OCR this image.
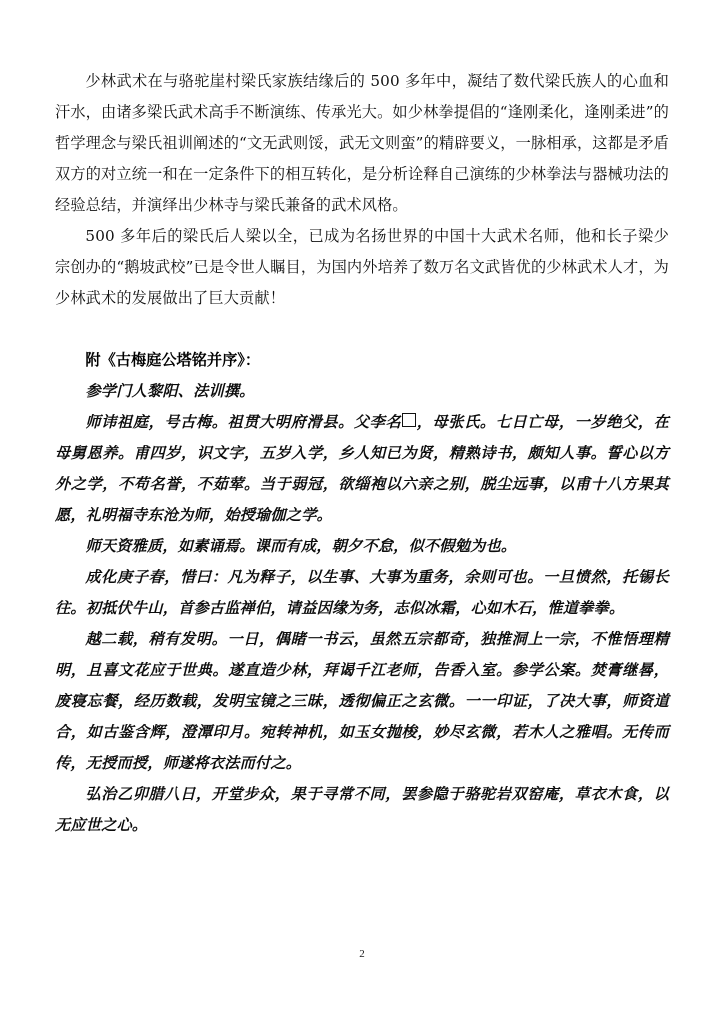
少林武术在与骆驼崖村梁氏家族结缘后的 500 多年中，凝结了数代梁氏族人的心血和汗水，由诸多梁氏武术高手不断演练、传承光大。如少林拳提倡的“逢刚柔化，逢刚柔进”的哲学理念与梁氏祖训阐述的“文无武则馁，武无文则蛮”的精辟要义，一脉相承，这都是矛盾双方的对立统一和在一定条件下的相互转化，是分析诠释自己演练的少林拳法与器械功法的经验总结，并演绎出少林寺与梁氏兼备的武术风格。

500 多年后的梁氏后人梁以全，已成为名扬世界的中国十大武术名师，他和长子梁少宗创办的“鹅坡武校”已是令世人瞩目，为国内外培养了数万名文武皆优的少林武术人才，为少林武术的发展做出了巨大贡献！

附《古梅庭公塔铭并序》：

参学门人黎阳、法训撰。

师讳祖庭，号古梅。祖贯大明府滑县。父李名 ，母张氏。七日亡母，一岁绝父，在母舅恩养。甫四岁，识文字，五岁入学，乡人知已为贤，精熟诗书，颇知人事。誓心以方外之学，不苟名誉，不茹荤。当于弱冠，欲缁袍以六亲之别，脱尘远事，以甫十八方果其愿，礼明福寺东沧为师，始授瑜伽之学。

师天资雅质，如素诵焉。课而有成，朝夕不怠，似不假勉为也。

成化庚子春，惜曰：凡为释子，以生事、大事为重务，余则可也。一旦愤然，托锡长往。初抵伏牛山，首参古监禅伯，请益因缘为务，志似冰霜，心如木石，惟道拳拳。

越二载，稍有发明。一日，偶睹一书云，虽然五宗都奇，独推洞上一宗，不惟悟理精明，且喜文花应于世典。遂直造少林，拜谒千江老师，告香入室。参学公案。焚膏继晷，废寝忘餐，经历数载，发明宝镜之三昧，透彻偏正之玄微。一一印证，了决大事，师资道合，如古鉴含辉，澄潭印月。宛转神机，如玉女抛梭，妙尽玄微，若木人之雅唱。无传而传，无授而授，师遂将衣法而付之。

弘治乙卯腊八日，开堂步众，果于寻常不同，罢参隐于骆驼岩双窑庵，草衣木食，以无应世之心。

2
